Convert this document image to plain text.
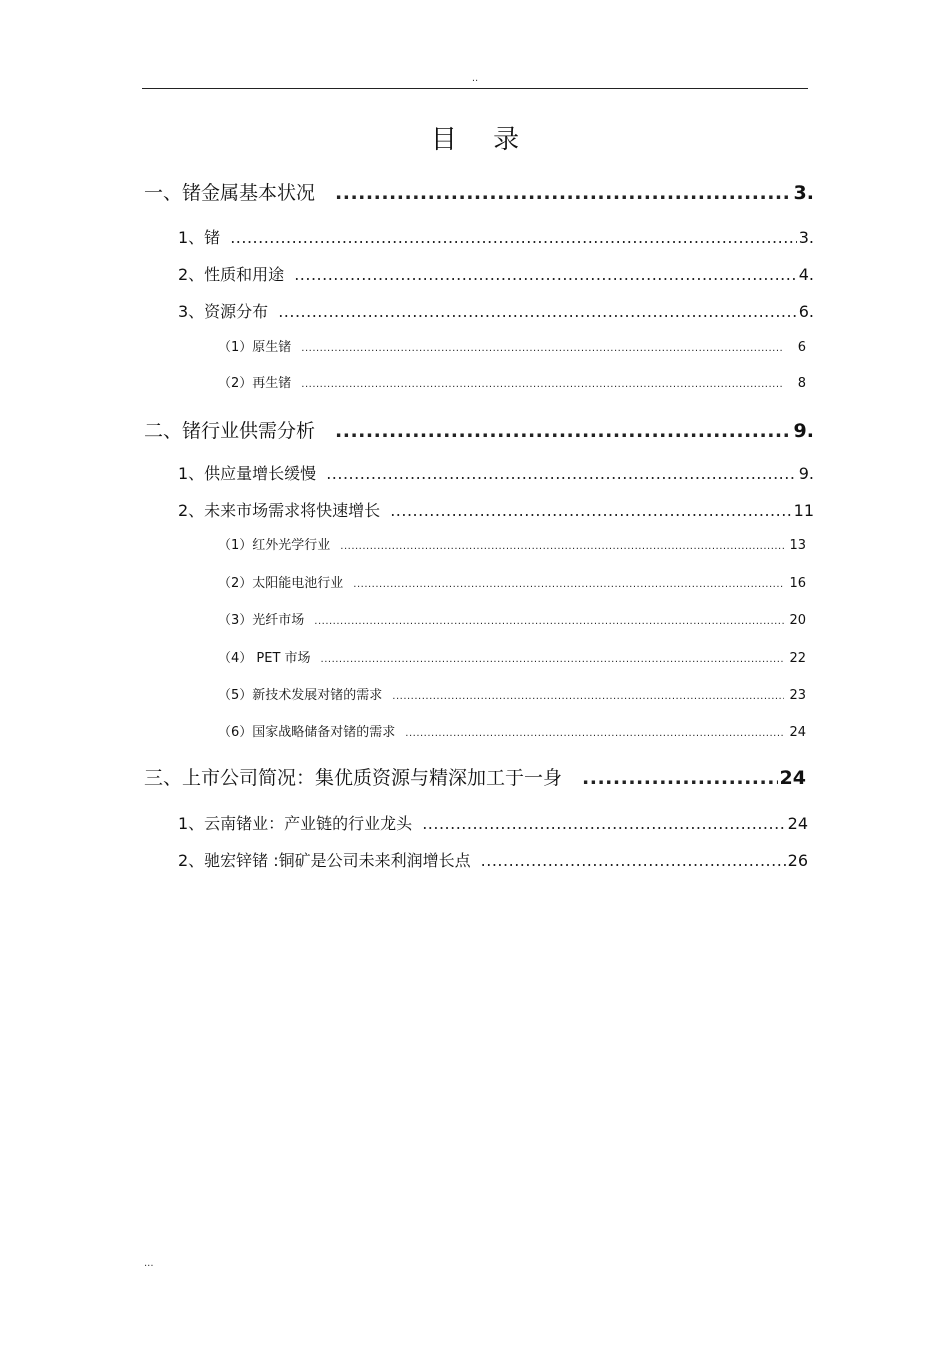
..
目 录
一、锗金属基本状况 .....	3.
1、锗 .....	3.
2、性质和用途 .....	4.
3、资源分布 .....	6.
（1）原生锗 .....	6
（2）再生锗 .....	8
二、锗行业供需分析 .....	9.
1、供应量增长缓慢 .....	9.
2、未来市场需求将快速增长 .....	11
（1）红外光学行业 .....	13
（2）太阳能电池行业 .....	16
（3）光纤市场 .....	20
（4） PET 市场 .....	22
（5）新技术发展对锗的需求 .....	23
（6）国家战略储备对锗的需求 .....	24
三、上市公司简况：集优质资源与精深加工于一身 .....	24
1、云南锗业：产业链的行业龙头 .....	24
2、驰宏锌锗 :铜矿是公司未来利润增长点 .....	26
...
